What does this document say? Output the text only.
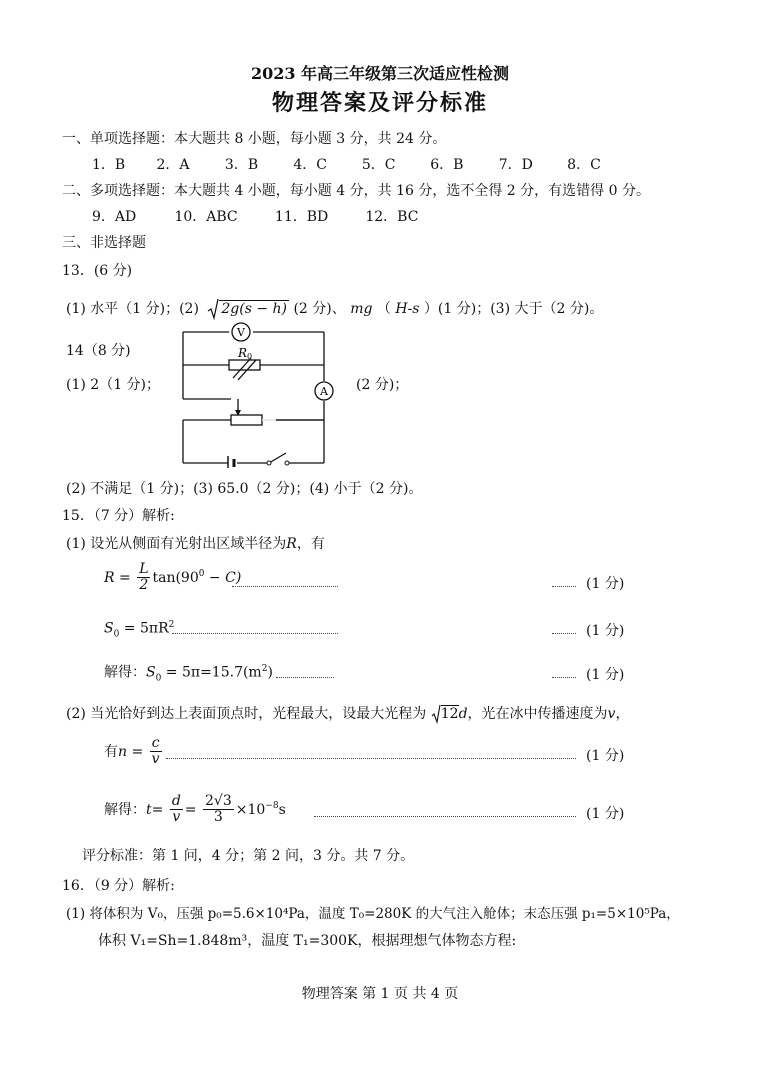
2023 年高三年级第三次适应性检测
物理答案及评分标准
一、单项选择题：本大题共 8 小题，每小题 3 分，共 24 分。
1．B 2．A	3．B	4．C 5．C 6．B	7．D 8．C
二、多项选择题：本大题共 4 小题，每小题 4 分，共 16 分，选不全得 2 分，有选错得 0 分。
9．AD	10．ABC	11．BD	12．BC
三、非选择题
13．(6 分)
(1) 水平（1 分)；(2) 2g(s − h) (2 分)、 mg （ H-s ）(1 分)；(3) 大于（2 分)。
14（8 分)
(1) 2（1 分)；	(2 分)；
V
A
R 0
(2) 不满足（1 分)；(3) 65.0（2 分)；(4) 小于（2 分)。
15．（7 分）解析:
(1) 设光从侧面有光射出区域半径为R，有
$R = \frac{L}{2} \tan(90^0 - C)$	(1 分)
$S_0 = 5\pi R^2$	(1 分)
解得：$S_0 = 5\pi=15.7(m^2)$	(1 分)
(2) 当光恰好到达上表面顶点时，光程最大，设最大光程为 12d，光在冰中传播速度为v，
有$n = \frac{c}{v}$	(1 分)
解得：$t= \frac{d}{v} = \frac{2√3}{3} \times 10^{-8}s$	(1 分)
评分标准：第 1 问，4 分；第 2 问，3 分。共 7 分。
16．（9 分）解析:
(1) 将体积为 V₀，压强 p₀=5.6×10⁴Pa，温度 T₀=280K 的大气注入舱体；末态压强 p₁=5×10⁵Pa，
体积 V₁=Sh=1.848m³，温度 T₁=300K，根据理想气体物态方程:
物理答案 第 1 页 共 4 页
